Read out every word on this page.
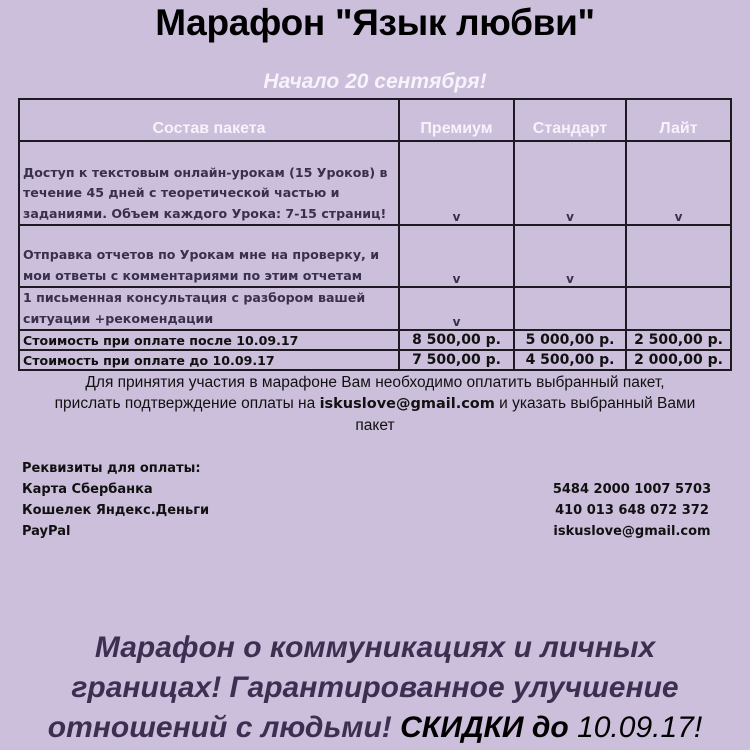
Марафон "Язык любви"
Начало 20 сентября!
Состав пакета	Премиум	Стандарт	Лайт
Доступ к текстовым онлайн-урокам (15 Уроков) в течение 45 дней с теоретической частью и заданиями. Объем каждого Урока: 7-15 страниц!	v	v	v
Отправка отчетов по Урокам мне на проверку, и мои ответы с комментариями по этим отчетам	v	v	
1 письменная консультация с разбором вашей ситуации +рекомендации	v		
Стоимость при оплате после 10.09.17	8 500,00 р.	5 000,00 р.	2 500,00 р.
Стоимость при оплате до 10.09.17	7 500,00 р.	4 500,00 р.	2 000,00 р.
Для принятия участия в марафоне Вам необходимо оплатить выбранный пакет,
прислать подтверждение оплаты на iskuslove@gmail.com и указать выбранный Вами
пакет
Реквизиты для оплаты:
Карта Сбербанка	5484 2000 1007 5703
Кошелек Яндекс.Деньги	410 013 648 072 372
PayPal	iskuslove@gmail.com
Марафон о коммуникациях и личных
границах! Гарантированное улучшение
отношений с людьми! СКИДКИ до 10.09.17!
